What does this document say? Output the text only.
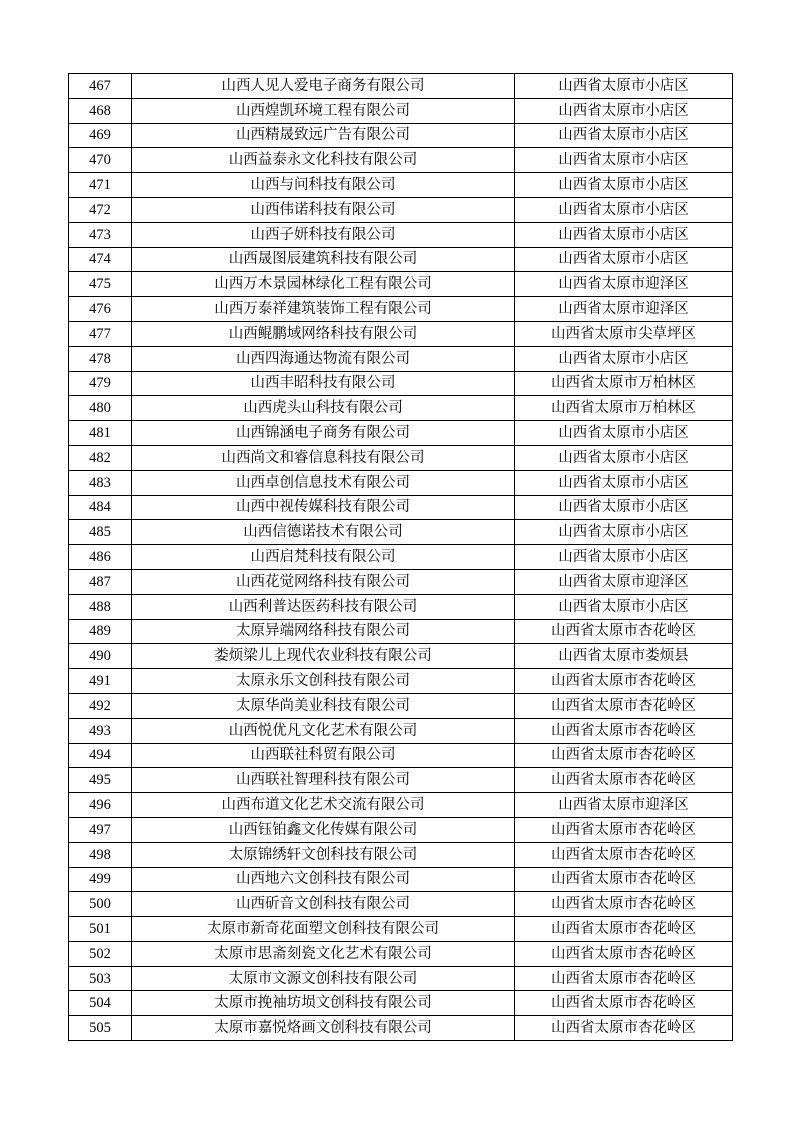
467	山西人见人爱电子商务有限公司	山西省太原市小店区
468	山西煌凯环境工程有限公司	山西省太原市小店区
469	山西精晟致远广告有限公司	山西省太原市小店区
470	山西益泰永文化科技有限公司	山西省太原市小店区
471	山西与问科技有限公司	山西省太原市小店区
472	山西伟诺科技有限公司	山西省太原市小店区
473	山西子妍科技有限公司	山西省太原市小店区
474	山西晟图辰建筑科技有限公司	山西省太原市小店区
475	山西万木景园林绿化工程有限公司	山西省太原市迎泽区
476	山西万泰祥建筑装饰工程有限公司	山西省太原市迎泽区
477	山西鲲鹏域网络科技有限公司	山西省太原市尖草坪区
478	山西四海通达物流有限公司	山西省太原市小店区
479	山西丰昭科技有限公司	山西省太原市万柏林区
480	山西虎头山科技有限公司	山西省太原市万柏林区
481	山西锦涵电子商务有限公司	山西省太原市小店区
482	山西尚文和睿信息科技有限公司	山西省太原市小店区
483	山西卓创信息技术有限公司	山西省太原市小店区
484	山西中视传媒科技有限公司	山西省太原市小店区
485	山西信德诺技术有限公司	山西省太原市小店区
486	山西启梵科技有限公司	山西省太原市小店区
487	山西花觉网络科技有限公司	山西省太原市迎泽区
488	山西利普达医药科技有限公司	山西省太原市小店区
489	太原异端网络科技有限公司	山西省太原市杏花岭区
490	娄烦梁儿上现代农业科技有限公司	山西省太原市娄烦县
491	太原永乐文创科技有限公司	山西省太原市杏花岭区
492	太原华尚美业科技有限公司	山西省太原市杏花岭区
493	山西悦优凡文化艺术有限公司	山西省太原市杏花岭区
494	山西联社科贸有限公司	山西省太原市杏花岭区
495	山西联社智理科技有限公司	山西省太原市杏花岭区
496	山西布道文化艺术交流有限公司	山西省太原市迎泽区
497	山西钰铂鑫文化传媒有限公司	山西省太原市杏花岭区
498	太原锦绣轩文创科技有限公司	山西省太原市杏花岭区
499	山西地六文创科技有限公司	山西省太原市杏花岭区
500	山西斫音文创科技有限公司	山西省太原市杏花岭区
501	太原市新奇花面塑文创科技有限公司	山西省太原市杏花岭区
502	太原市思斋刻瓷文化艺术有限公司	山西省太原市杏花岭区
503	太原市文源文创科技有限公司	山西省太原市杏花岭区
504	太原市挽袖坊埙文创科技有限公司	山西省太原市杏花岭区
505	太原市嘉悦烙画文创科技有限公司	山西省太原市杏花岭区
